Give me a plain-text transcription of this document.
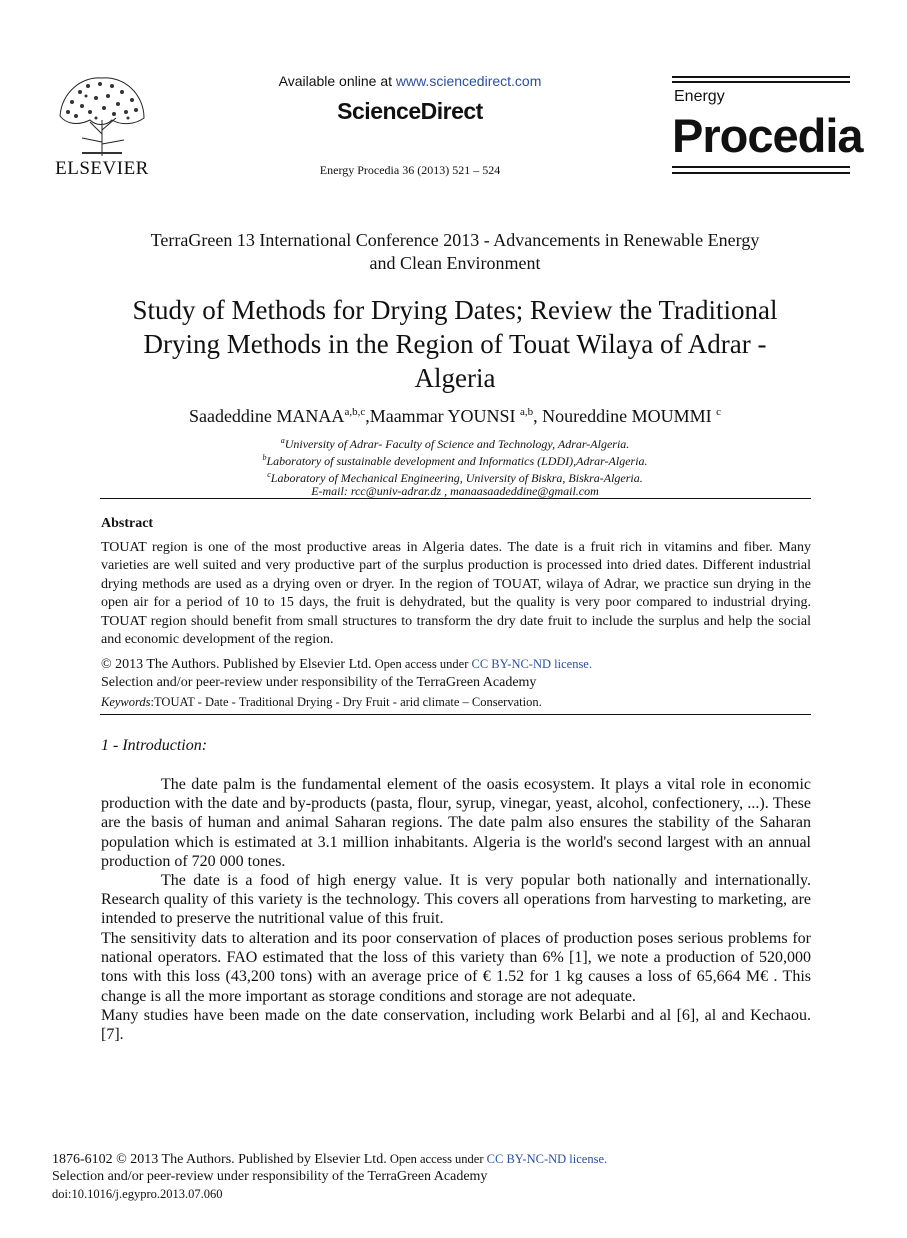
ELSEVIER
Available online at www.sciencedirect.com
ScienceDirect
Energy Procedia 36 (2013) 521 – 524
Energy
Procedia
TerraGreen 13 International Conference 2013 - Advancements in Renewable Energy
and Clean Environment
Study of Methods for Drying Dates; Review the Traditional
Drying Methods in the Region of Touat Wilaya of Adrar -
Algeria
Saadeddine MANAA$^{a,b,c}$,Maammar YOUNSI $^{a,b}$, Noureddine MOUMMI $^c$
$^a$University of Adrar- Faculty of Science and Technology, Adrar-Algeria.
$^b$Laboratory of sustainable development and Informatics (LDDI),Adrar-Algeria.
$^c$Laboratory of Mechanical Engineering, University of Biskra, Biskra-Algeria.
E-mail: rcc@univ-adrar.dz , manaasaadeddine@gmail.com
Abstract
TOUAT region is one of the most productive areas in Algeria dates. The date is a fruit rich in vitamins and fiber. Many varieties are well suited and very productive part of the surplus production is processed into dried dates. Different industrial drying methods are used as a drying oven or dryer. In the region of TOUAT, wilaya of Adrar, we practice sun drying in the open air for a period of 10 to 15 days, the fruit is dehydrated, but the quality is very poor compared to industrial drying. TOUAT region should benefit from small structures to transform the dry date fruit to include the surplus and help the social and economic development of the region.
© 2013 The Authors. Published by Elsevier Ltd. Open access under CC BY-NC-ND license.
Selection and/or peer-review under responsibility of the TerraGreen Academy
Keywords:TOUAT - Date - Traditional Drying - Dry Fruit - arid climate – Conservation.
1 - Introduction:
The date palm is the fundamental element of the oasis ecosystem. It plays a vital role in economic production with the date and by-products (pasta, flour, syrup, vinegar, yeast, alcohol, confectionery, ...). These are the basis of human and animal Saharan regions. The date palm also ensures the stability of the Saharan population which is estimated at 3.1 million inhabitants. Algeria is the world's second largest with an annual production of 720 000 tones.
The date is a food of high energy value. It is very popular both nationally and internationally. Research quality of this variety is the technology. This covers all operations from harvesting to marketing, are intended to preserve the nutritional value of this fruit.
The sensitivity dats to alteration and its poor conservation of places of production poses serious problems for national operators. FAO estimated that the loss of this variety than 6% [1], we note a production of 520,000 tons with this loss (43,200 tons) with an average price of € 1.52 for 1 kg causes a loss of 65,664 M€ . This change is all the more important as storage conditions and storage are not adequate.
Many studies have been made on the date conservation, including work Belarbi and al [6], al and Kechaou. [7].
1876-6102 © 2013 The Authors. Published by Elsevier Ltd. Open access under CC BY-NC-ND license.
Selection and/or peer-review under responsibility of the TerraGreen Academy
doi:10.1016/j.egypro.2013.07.060
